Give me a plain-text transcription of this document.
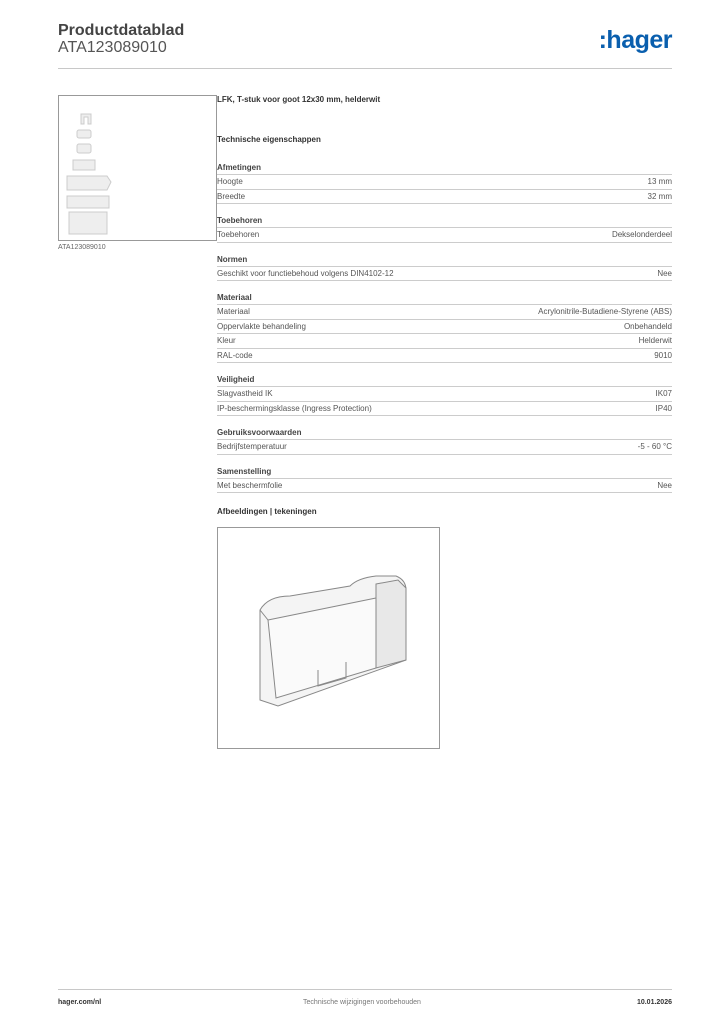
Productdatablad
ATA123089010	:hager
ATA123089010
LFK, T-stuk voor goot 12x30 mm, helderwit
Technische eigenschappen
Afmetingen
Hoogte	13 mm
Breedte	32 mm
Toebehoren
Toebehoren	Dekselonderdeel
Normen
Geschikt voor functiebehoud volgens DIN4102-12	Nee
Materiaal
Materiaal	Acrylonitrile-Butadiene-Styrene (ABS)
Oppervlakte behandeling	Onbehandeld
Kleur	Helderwit
RAL-code	9010
Veiligheid
Slagvastheid IK	IK07
IP-beschermingsklasse (Ingress Protection)	IP40
Gebruiksvoorwaarden
Bedrijfstemperatuur	-5 - 60 °C
Samenstelling
Met beschermfolie	Nee
Afbeeldingen | tekeningen
hager.com/nl	Technische wijzigingen voorbehouden	10.01.2026
